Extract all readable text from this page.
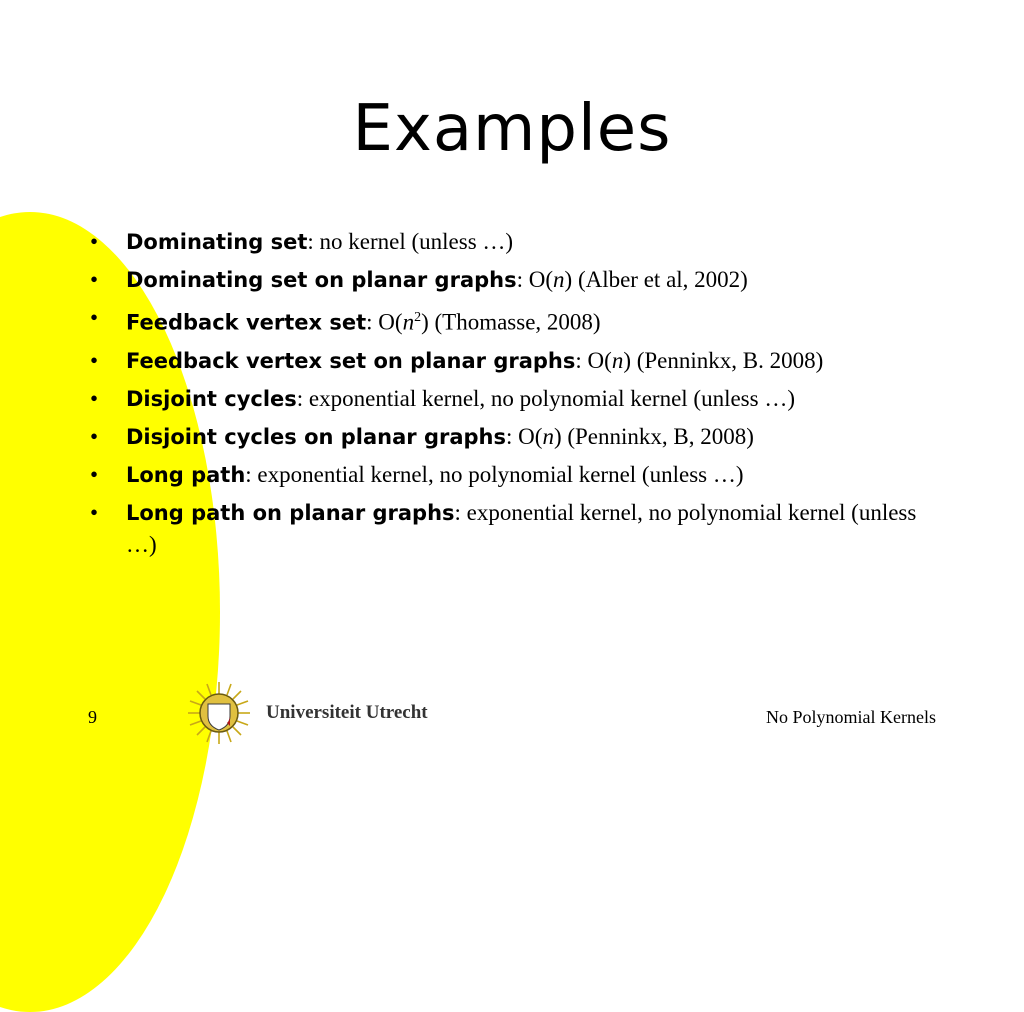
Examples
• Dominating set: no kernel (unless …)
• Dominating set on planar graphs: O(n) (Alber et al, 2002)
• Feedback vertex set: $O(n^2)$ (Thomasse, 2008)
• Feedback vertex set on planar graphs: O(n) (Penninkx, B. 2008)
• Disjoint cycles: exponential kernel, no polynomial kernel (unless …)
• Disjoint cycles on planar graphs: O(n) (Penninkx, B, 2008)
• Long path: exponential kernel, no polynomial kernel (unless …)
• Long path on planar graphs: exponential kernel, no polynomial kernel (unless …)
9	Universiteit Utrecht	No Polynomial Kernels
